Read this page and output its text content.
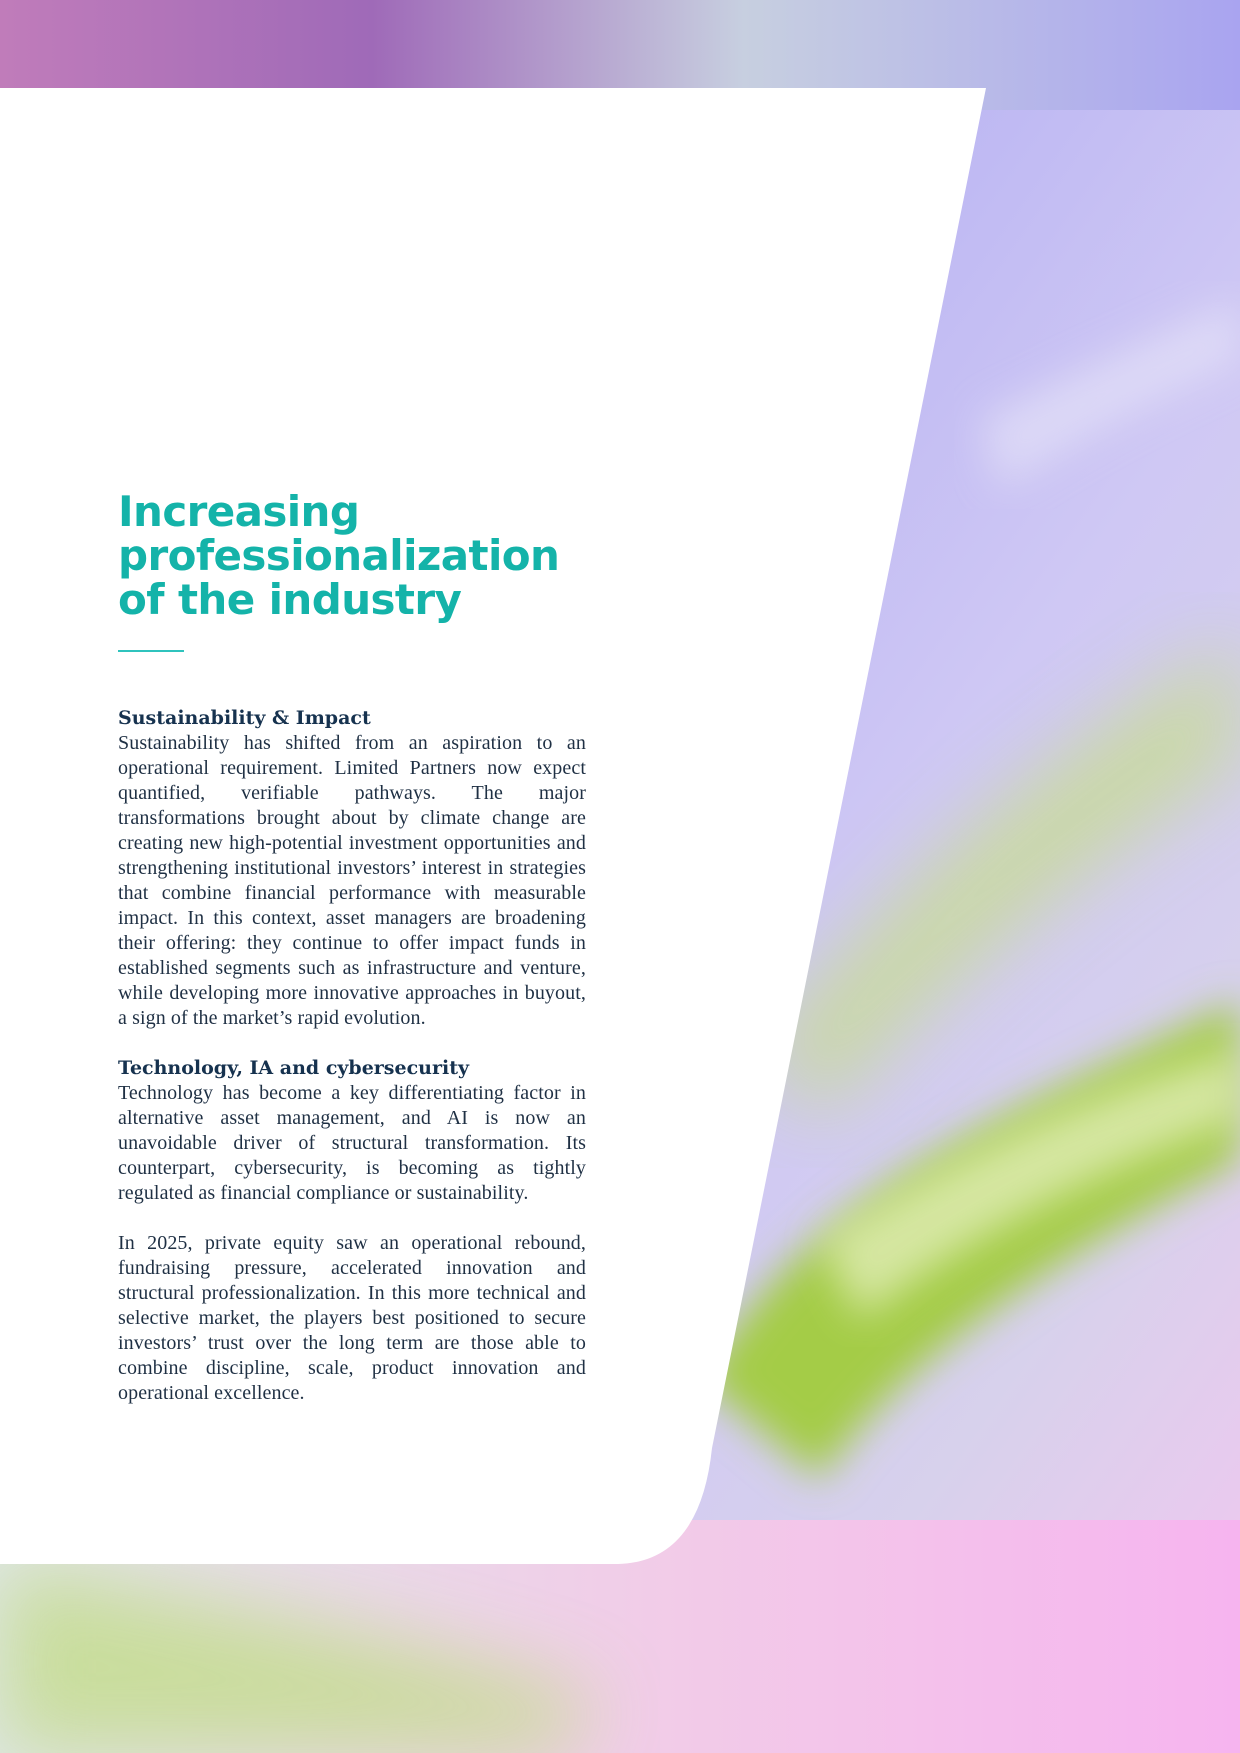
Increasing
professionalization
of the industry

Sustainability & Impact

Sustainability has shifted from an aspiration to an operational requirement. Limited Partners now expect quantified, verifiable pathways. The major transformations brought about by climate change are creating new high-potential investment opportunities and strengthening institutional investors’ interest in strategies that combine financial performance with measurable impact. In this context, asset managers are broadening their offering: they continue to offer impact funds in established segments such as infrastructure and venture, while developing more innovative approaches in buyout, a sign of the market’s rapid evolution.

Technology, IA and cybersecurity

Technology has become a key differentiating factor in alternative asset management, and AI is now an unavoidable driver of structural transformation. Its counterpart, cybersecurity, is becoming as tightly regulated as financial compliance or sustainability.

In 2025, private equity saw an operational rebound, fundraising pressure, accelerated innovation and structural professionalization. In this more technical and selective market, the players best positioned to secure investors’ trust over the long term are those able to combine discipline, scale, product innovation and operational excellence.
